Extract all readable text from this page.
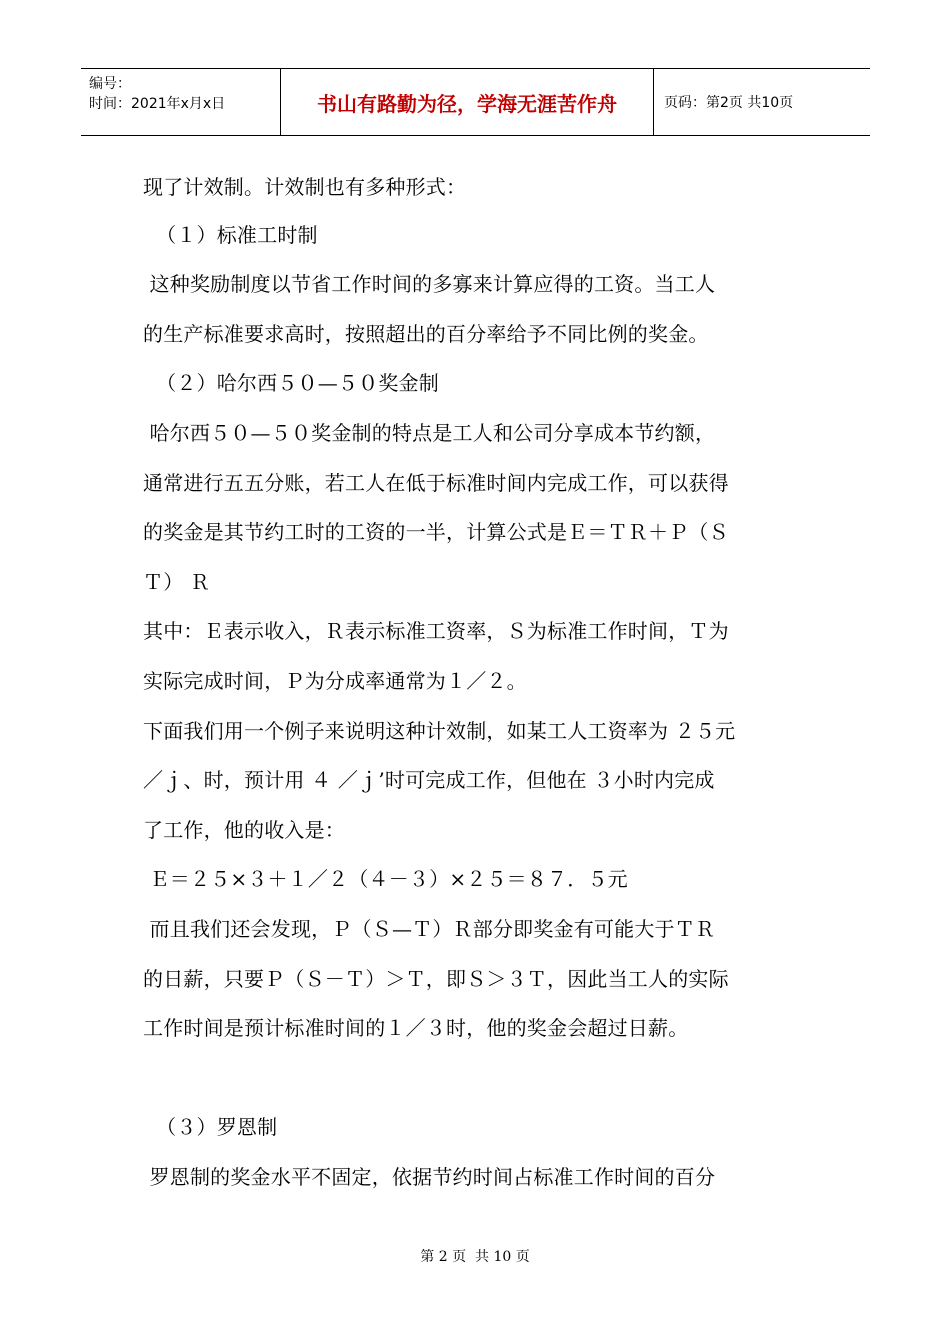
编号：
时间：2021年x月x日	书山有路勤为径，学海无涯苦作舟	页码：第2页 共10页
现了计效制。计效制也有多种形式：
（１）标准工时制
这种奖励制度以节省工作时间的多寡来计算应得的工资。当工人
的生产标准要求高时，按照超出的百分率给予不同比例的奖金。
（２）哈尔西５０—５０奖金制
哈尔西５０—５０奖金制的特点是工人和公司分享成本节约额，
通常进行五五分账，若工人在低于标准时间内完成工作，可以获得
的奖金是其节约工时的工资的一半，计算公式是Ｅ＝ＴＲ＋Ｐ（Ｓ
Ｔ） Ｒ
其中：Ｅ表示收入，Ｒ表示标准工资率，Ｓ为标准工作时间，Ｔ为
实际完成时间，Ｐ为分成率通常为１／２。
下面我们用一个例子来说明这种计效制，如某工人工资率为 ２５元
／ｊ、时，预计用 ４ ／ｊ’时可完成工作，但他在 ３小时内完成
了工作，他的收入是：
Ｅ＝２５×３＋１／２（４－３）×２５＝８７．５元
而且我们还会发现，Ｐ（Ｓ—Ｔ）Ｒ部分即奖金有可能大于ＴＲ
的日薪，只要Ｐ（Ｓ－Ｔ）＞Ｔ，即Ｓ＞３Ｔ，因此当工人的实际
工作时间是预计标准时间的１／３时，他的奖金会超过日薪。
（３）罗恩制
罗恩制的奖金水平不固定，依据节约时间占标准工作时间的百分
第 2 页  共 10 页
